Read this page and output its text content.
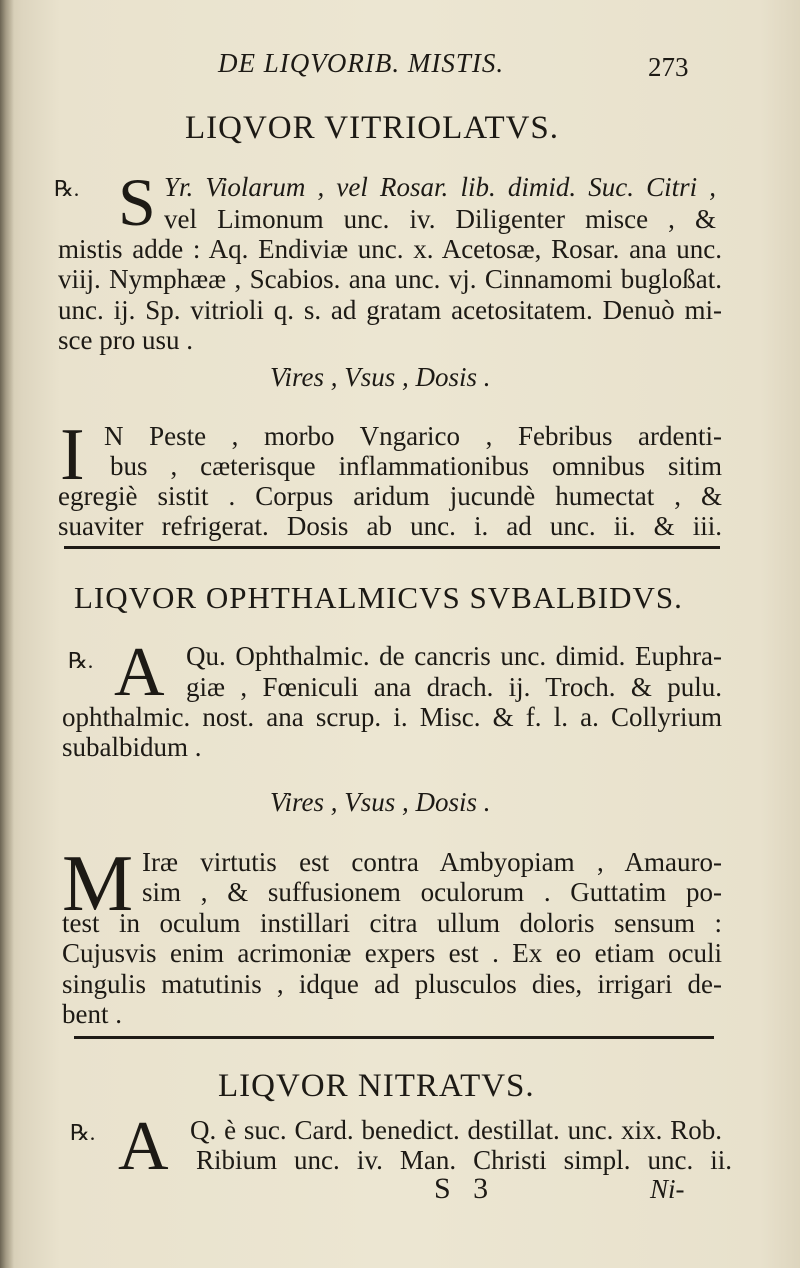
DE LIQVORIB. MISTIS.	273
LIQVOR VITRIOLATVS.
℞. S Yr. Violarum , vel Rosar. lib. dimid. Suc. Citri ,
vel Limonum unc. iv. Diligenter misce , &
mistis adde : Aq. Endiviæ unc. x. Acetosæ, Rosar. ana unc.
viij. Nymphææ , Scabios. ana unc. vj. Cinnamomi bugloßat.
unc. ij. Sp. vitrioli q. s. ad gratam acetositatem. Denuò mi-
sce pro usu .
Vires , Vsus , Dosis .
I N Peste , morbo Vngarico , Febribus ardenti-
bus , cæterisque inflammationibus omnibus sitim
egregiè sistit . Corpus aridum jucundè humectat , &
suaviter refrigerat. Dosis ab unc. i. ad unc. ii. & iii.
LIQVOR OPHTHALMICVS SVBALBIDVS.
℞. A Qu. Ophthalmic. de cancris unc. dimid. Euphra-
giæ , Fœniculi ana drach. ij. Troch. & pulu.
ophthalmic. nost. ana scrup. i. Misc. & f. l. a. Collyrium
subalbidum .
Vires , Vsus , Dosis .
M Iræ virtutis est contra Ambyopiam , Amauro-
sim , & suffusionem oculorum . Guttatim po-
test in oculum instillari citra ullum doloris sensum :
Cujusvis enim acrimoniæ expers est . Ex eo etiam oculi
singulis matutinis , idque ad plusculos dies, irrigari de-
bent .
LIQVOR NITRATVS.
℞. A Q. è suc. Card. benedict. destillat. unc. xix. Rob.
Ribium unc. iv. Man. Christi simpl. unc. ii.
S   3	Ni-
